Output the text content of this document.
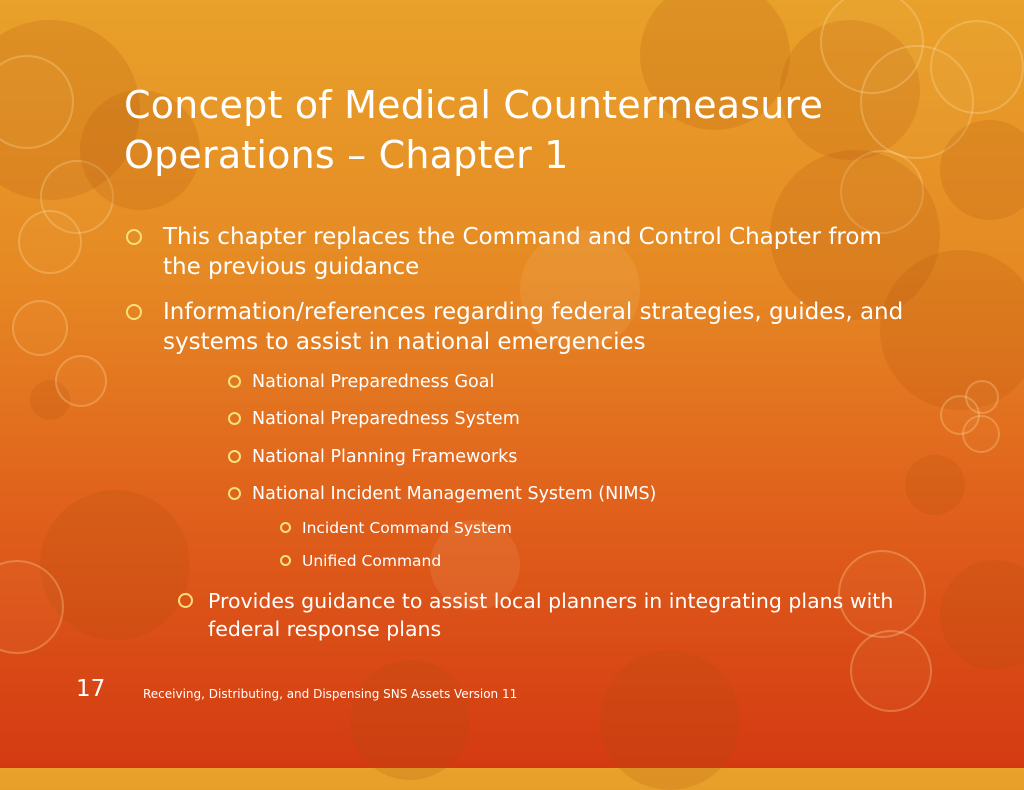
Concept of Medical Countermeasure Operations – Chapter 1
This chapter replaces the Command and Control Chapter from the previous guidance
Information/references regarding federal strategies, guides, and systems to assist in national emergencies
National Preparedness Goal
National Preparedness System
National Planning Frameworks
National Incident Management System (NIMS)
Incident Command System
Unified Command
Provides guidance to assist local planners in integrating plans with federal response plans
17	Receiving, Distributing, and Dispensing SNS Assets Version 11
